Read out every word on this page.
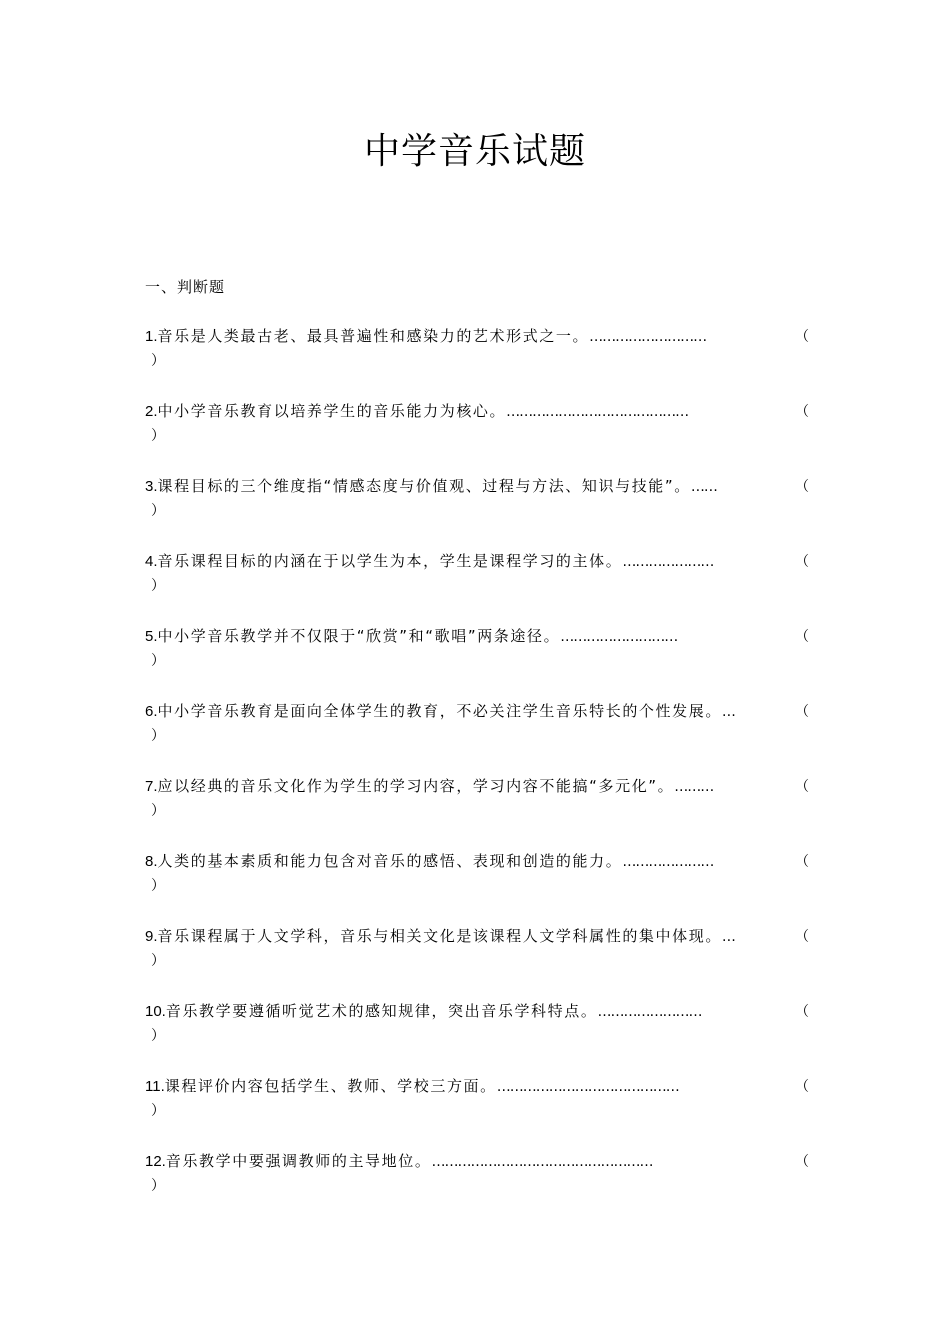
中学音乐试题
一、判断题
1. 音乐是人类最古老、最具普遍性和感染力的艺术形式之一。 ………………………	（
）
2. 中小学音乐教育以培养学生的音乐能力为核心。 ……………………………………	（
）
3. 课程目标的三个维度指“情感态度与价值观、过程与方法、知识与技能”。 ……	（
）
4. 音乐课程目标的内涵在于以学生为本，学生是课程学习的主体。 …………………	（
）
5. 中小学音乐教学并不仅限于“欣赏”和“歌唱”两条途径。 ………………………	（
）
6. 中小学音乐教育是面向全体学生的教育，不必关注学生音乐特长的个性发展。 …	（
）
7. 应以经典的音乐文化作为学生的学习内容，学习内容不能搞“多元化”。 ………	（
）
8. 人类的基本素质和能力包含对音乐的感悟、表现和创造的能力。 …………………	（
）
9. 音乐课程属于人文学科，音乐与相关文化是该课程人文学科属性的集中体现。 …	（
）
10. 音乐教学要遵循听觉艺术的感知规律，突出音乐学科特点。 ……………………	（
）
11. 课程评价内容包括学生、教师、学校三方面。 ……………………………………	（
）
12. 音乐教学中要强调教师的主导地位。 ……………………………………………	（
）
